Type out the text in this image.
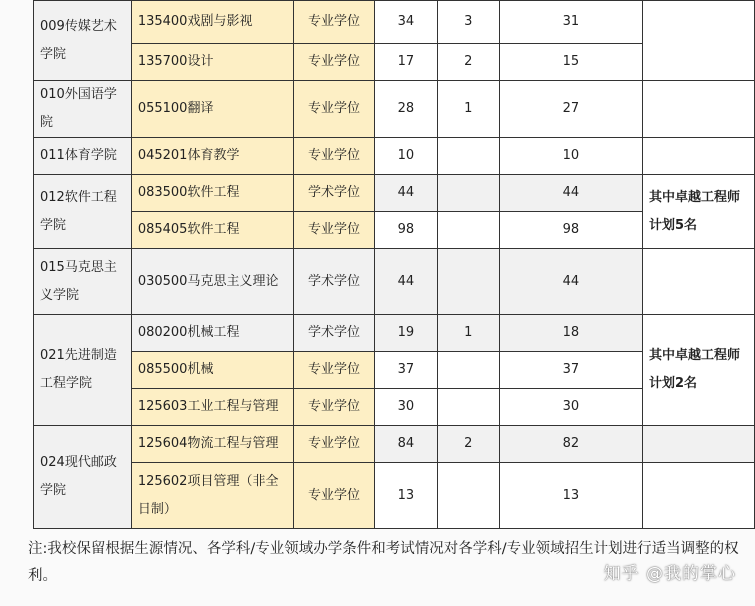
009传媒艺术学院	135400戏剧与影视	专业学位	34	3	31	
	135700设计	专业学位	17	2	15	
010外国语学院	055100翻译	专业学位	28	1	27	
011体育学院	045201体育教学	专业学位	10		10	
012软件工程学院	083500软件工程	学术学位	44		44	其中卓越工程师计划5名
	085405软件工程	专业学位	98		98	
015马克思主义学院	030500马克思主义理论	学术学位	44		44	
021先进制造工程学院	080200机械工程	学术学位	19	1	18	其中卓越工程师计划2名
	085500机械	专业学位	37		37	
	125603工业工程与管理	专业学位	30		30	
024现代邮政学院	125604物流工程与管理	专业学位	84	2	82	
	125602项目管理（非全日制）	专业学位	13		13	
注:我校保留根据生源情况、各学科/专业领域办学条件和考试情况对各学科/专业领域招生计划进行适当调整的权利。	知乎 @我的掌心
